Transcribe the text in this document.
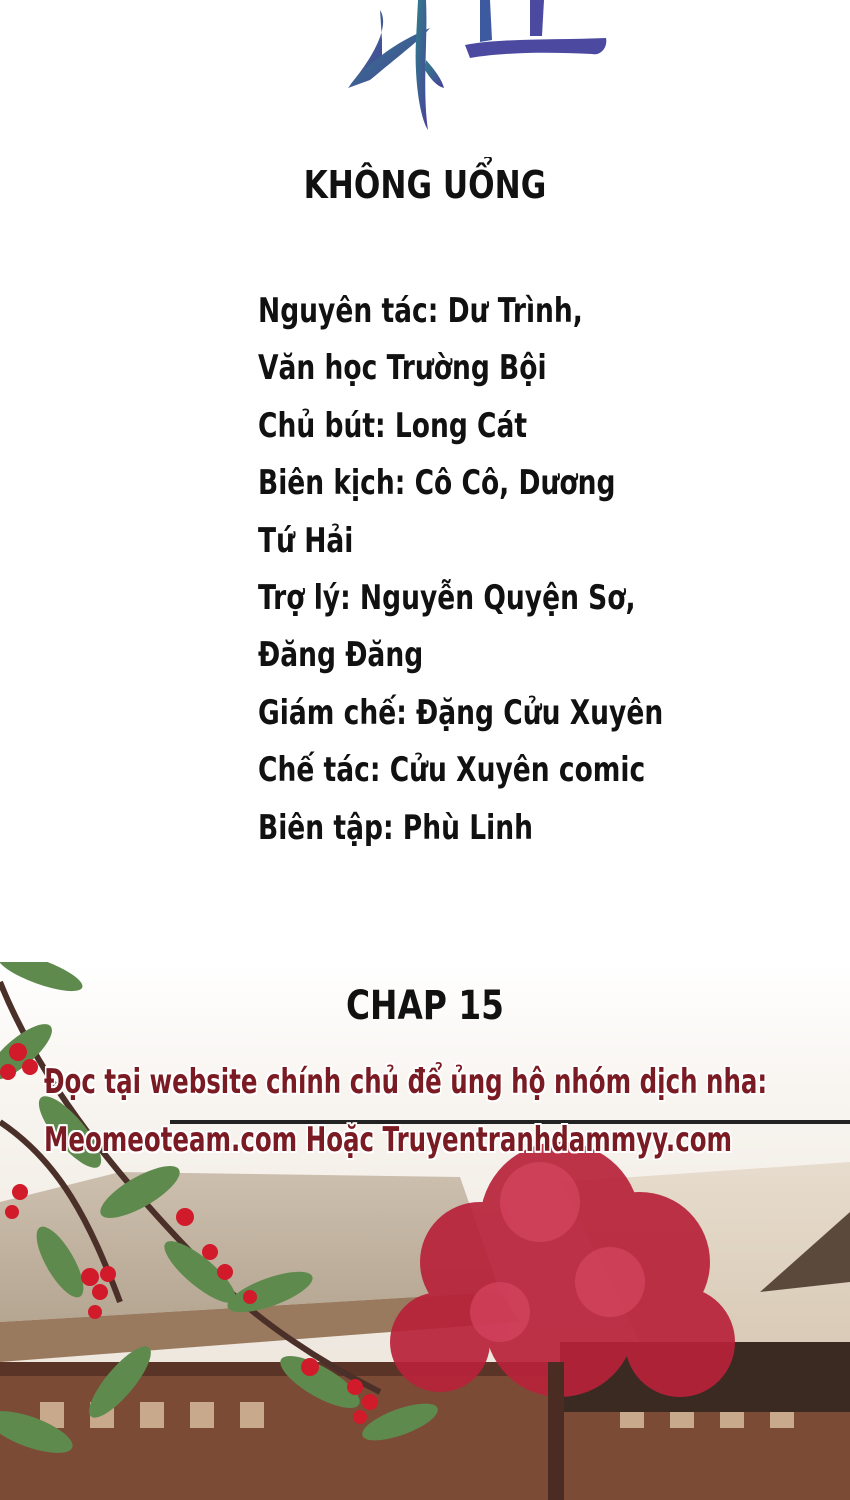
KHÔNG UỔNG
Nguyên tác: Dư Trình,
Văn học Trường Bội
Chủ bút: Long Cát
Biên kịch: Cô Cô, Dương
Tứ Hải
Trợ lý: Nguyễn Quyện Sơ,
Đăng Đăng
Giám chế: Đặng Cửu Xuyên
Chế tác: Cửu Xuyên comic
Biên tập: Phù Linh
CHAP 15
Đọc tại website chính chủ để ủng hộ nhóm dịch nha:
Meomeoteam.com Hoặc Truyentranhdammyy.com
